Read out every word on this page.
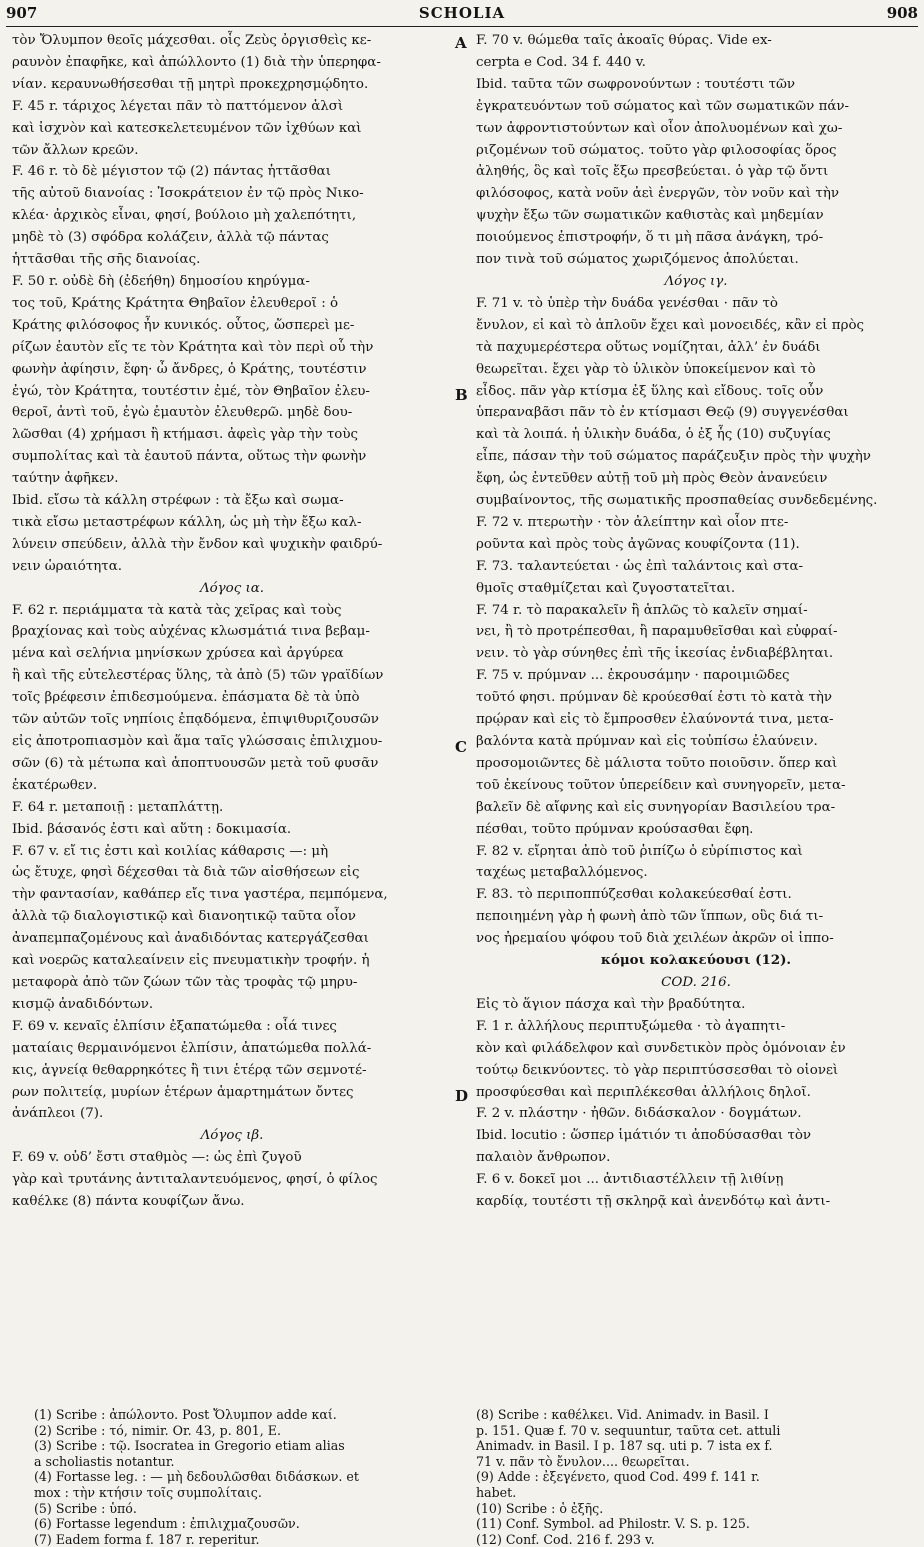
907	SCHOLIA	908
A
B
C
D
τὸν Ὄλυμπον θεοῖς μάχεσθαι. οἷς Ζεὺς ὀργισθεὶς κε-
ραυνὸν ἐπαφῆκε, καὶ ἀπώλλοντο (1) διὰ τὴν ὑπερηφα-
νίαν. κεραυνωθήσεσθαι τῇ μητρὶ προκεχρησμῴδητο.
F. 45 r. τάριχος λέγεται πᾶν τὸ παττόμενον ἁλσὶ
καὶ ἰσχνὸν καὶ κατεσκελετευμένον τῶν ἰχθύων καὶ
τῶν ἄλλων κρεῶν.
F. 46 r. τὸ δὲ μέγιστον τῷ (2) πάντας ἡττᾶσθαι
τῆς αὐτοῦ διανοίας : Ἰσοκράτειον ἐν τῷ πρὸς Νικο-
κλέα· ἀρχικὸς εἶναι, φησί, βούλοιο μὴ χαλεπότητι,
μηδὲ τὸ (3) σφόδρα κολάζειν, ἀλλὰ τῷ πάντας
ἡττᾶσθαι τῆς σῆς διανοίας.
F. 50 r. οὐδὲ δὴ (ἐδεήθη) δημοσίου κηρύγμα-
τος τοῦ, Κράτης Κράτητα Θηβαῖον ἐλευθεροῖ : ὁ
Κράτης φιλόσοφος ἦν κυνικός. οὗτος, ὥσπερεὶ με-
ρίζων ἑαυτὸν εἴς τε τὸν Κράτητα καὶ τὸν περὶ οὗ τὴν
φωνὴν ἀφίησιν, ἔφη· ὦ ἄνδρες, ὁ Κράτης, τουτέστιν
ἐγώ, τὸν Κράτητα, τουτέστιν ἐμέ, τὸν Θηβαῖον ἐλευ-
θεροῖ, ἀντὶ τοῦ, ἐγὼ ἐμαυτὸν ἐλευθερῶ. μηδὲ δου-
λῶσθαι (4) χρήμασι ἢ κτήμασι. ἀφεὶς γὰρ τὴν τοὺς
συμπολίτας καὶ τὰ ἑαυτοῦ πάντα, οὕτως τὴν φωνὴν
ταύτην ἀφῆκεν.
Ibid. εἴσω τὰ κάλλη στρέφων : τὰ ἔξω καὶ σωμα-
τικὰ εἴσω μεταστρέφων κάλλη, ὡς μὴ τὴν ἔξω καλ-
λύνειν σπεύδειν, ἀλλὰ τὴν ἔνδον καὶ ψυχικὴν φαιδρύ-
νειν ὡραιότητα.
Λόγος ια.
F. 62 r. περιάμματα τὰ κατὰ τὰς χεῖρας καὶ τοὺς
βραχίονας καὶ τοὺς αὐχένας κλωσμάτιά τινα βεβαμ-
μένα καὶ σελήνια μηνίσκων χρύσεα καὶ ἀργύρεα
ἢ καὶ τῆς εὐτελεστέρας ὕλης, τὰ ἀπὸ (5) τῶν γραϊδίων
τοῖς βρέφεσιν ἐπιδεσμούμενα. ἐπάσματα δὲ τὰ ὑπὸ
τῶν αὐτῶν τοῖς νηπίοις ἐπᾳδόμενα, ἐπιψιθυριζουσῶν
εἰς ἀποτροπιασμὸν καὶ ἅμα ταῖς γλώσσαις ἐπιλιχμου-
σῶν (6) τὰ μέτωπα καὶ ἀποπτυουσῶν μετὰ τοῦ φυσᾶν
ἑκατέρωθεν.
F. 64 r. μεταποιῇ : μεταπλάττῃ.
Ibid. βάσανός ἐστι καὶ αὕτη : δοκιμασία.
F. 67 v. εἴ τις ἐστι καὶ κοιλίας κάθαρσις —: μὴ
ὡς ἔτυχε, φησὶ δέχεσθαι τὰ διὰ τῶν αἰσθήσεων εἰς
τὴν φαντασίαν, καθάπερ εἴς τινα γαστέρα, πεμπόμενα,
ἀλλὰ τῷ διαλογιστικῷ καὶ διανοητικῷ ταῦτα οἷον
ἀναπεμπαζομένους καὶ ἀναδιδόντας κατεργάζεσθαι
καὶ νοερῶς καταλεαίνειν εἰς πνευματικὴν τροφήν. ἡ
μεταφορὰ ἀπὸ τῶν ζώων τῶν τὰς τροφὰς τῷ μηρυ-
κισμῷ ἀναδιδόντων.
F. 69 v. κεναῖς ἐλπίσιν ἐξαπατώμεθα : οἷά τινες
ματαίαις θερμαινόμενοι ἐλπίσιν, ἀπατώμεθα πολλά-
κις, ἁγνείᾳ θεθαρρηκότες ἢ τινι ἑτέρᾳ τῶν σεμνοτέ-
ρων πολιτείᾳ, μυρίων ἑτέρων ἁμαρτημάτων ὄντες
ἀνάπλεοι (7).
Λόγος ιβ.
F. 69 v. οὐδ’ ἔστι σταθμὸς —: ὡς ἐπὶ ζυγοῦ
γὰρ καὶ τρυτάνης ἀντιταλαντευόμενος, φησί, ὁ φίλος
καθέλκε (8) πάντα κουφίζων ἄνω.
F. 70 v. θώμεθα ταῖς ἀκοαῖς θύρας. Vide ex-
cerpta e Cod. 34 f. 440 v.
Ibid. ταῦτα τῶν σωφρονούντων : τουτέστι τῶν
ἐγκρατευόντων τοῦ σώματος καὶ τῶν σωματικῶν πάν-
των ἀφροντιστούντων καὶ οἷον ἀπολυομένων καὶ χω-
ριζομένων τοῦ σώματος. τοῦτο γὰρ φιλοσοφίας ὅρος
ἀληθής, ὃς καὶ τοῖς ἔξω πρεσβεύεται. ὁ γὰρ τῷ ὄντι
φιλόσοφος, κατὰ νοῦν ἀεὶ ἐνεργῶν, τὸν νοῦν καὶ τὴν
ψυχὴν ἔξω τῶν σωματικῶν καθιστὰς καὶ μηδεμίαν
ποιούμενος ἐπιστροφήν, ὅ τι μὴ πᾶσα ἀνάγκη, τρό-
πον τινὰ τοῦ σώματος χωριζόμενος ἀπολύεται.
Λόγος ιγ.
F. 71 v. τὸ ὑπὲρ τὴν δυάδα γενέσθαι · πᾶν τὸ
ἔνυλον, εἰ καὶ τὸ ἁπλοῦν ἔχει καὶ μονοειδές, κἂν εἰ πρὸς
τὰ παχυμερέστερα οὕτως νομίζηται, ἀλλ’ ἐν δυάδι
θεωρεῖται. ἔχει γὰρ τὸ ὑλικὸν ὑποκείμενον καὶ τὸ
εἶδος. πᾶν γὰρ κτίσμα ἐξ ὕλης καὶ εἴδους. τοῖς οὖν
ὑπεραναβᾶσι πᾶν τὸ ἐν κτίσμασι Θεῷ (9) συγγενέσθαι
καὶ τὰ λοιπά. ἡ ὑλικὴν δυάδα, ὁ ἐξ ἧς (10) συζυγίας
εἶπε, πάσαν τὴν τοῦ σώματος παράζευξιν πρὸς τὴν ψυχὴν
ἔφη, ὡς ἐντεῦθεν αὐτῇ τοῦ μὴ πρὸς Θεὸν ἀνανεύειν
συμβαίνοντος, τῆς σωματικῆς προσπαθείας συνδεδεμένης.
F. 72 v. πτερωτὴν · τὸν ἀλείπτην καὶ οἷον πτε-
ροῦντα καὶ πρὸς τοὺς ἀγῶνας κουφίζοντα (11).
F. 73. ταλαντεύεται · ὡς ἐπὶ ταλάντοις καὶ στα-
θμοῖς σταθμίζεται καὶ ζυγοστατεῖται.
F. 74 r. τὸ παρακαλεῖν ἢ ἁπλῶς τὸ καλεῖν σημαί-
νει, ἢ τὸ προτρέπεσθαι, ἢ παραμυθεῖσθαι καὶ εὐφραί-
νειν. τὸ γὰρ σύνηθες ἐπὶ τῆς ἱκεσίας ἐνδιαβέβληται.
F. 75 v. πρύμναν ... ἐκρουσάμην · παροιμιῶδες
τοῦτό φησι. πρύμναν δὲ κρούεσθαί ἐστι τὸ κατὰ τὴν
πρῴραν καὶ εἰς τὸ ἔμπροσθεν ἐλαύνοντά τινα, μετα-
βαλόντα κατὰ πρύμναν καὶ εἰς τοὐπίσω ἐλαύνειν.
προσομοιῶντες δὲ μάλιστα τοῦτο ποιοῦσιν. ὅπερ καὶ
τοῦ ἐκείνους τοῦτον ὑπερείδειν καὶ συνηγορεῖν, μετα-
βαλεῖν δὲ αἴφνης καὶ εἰς συνηγορίαν Βασιλείου τρα-
πέσθαι, τοῦτο πρύμναν κρούσασθαι ἔφη.
F. 82 v. εἴρηται ἀπὸ τοῦ ῥιπίζω ὁ εὐρίπιστος καὶ
ταχέως μεταβαλλόμενος.
F. 83. τὸ περιποππύζεσθαι κολακεύεσθαί ἐστι.
πεποιημένη γὰρ ἡ φωνὴ ἀπὸ τῶν ἵππων, οὓς διά τι-
νος ἠρεμαίου ψόφου τοῦ διὰ χειλέων ἀκρῶν οἱ ἱππο-
κόμοι κολακεύουσι (12).
COD. 216.
Εἰς τὸ ἅγιον πάσχα καὶ τὴν βραδύτητα.
F. 1 r. ἀλλήλους περιπτυξώμεθα · τὸ ἀγαπητι-
κὸν καὶ φιλάδελφον καὶ συνδετικὸν πρὸς ὁμόνοιαν ἐν
τούτῳ δεικνύοντες. τὸ γὰρ περιπτύσσεσθαι τὸ οἱονεὶ
προσφύεσθαι καὶ περιπλέκεσθαι ἀλλήλοις δηλοῖ.
F. 2 v. πλάστην · ἠθῶν. διδάσκαλον · δογμάτων.
Ibid. locutio : ὥσπερ ἱμάτιόν τι ἀποδύσασθαι τὸν
παλαιὸν ἄνθρωπον.
F. 6 v. δοκεῖ μοι ... ἀντιδιαστέλλειν τῇ λιθίνῃ
καρδίᾳ, τουτέστι τῇ σκληρᾷ καὶ ἀνενδότῳ καὶ ἀντι-
(1) Scribe : ἀπώλοντο. Post Ὄλυμπον adde καί.
(2) Scribe : τό, nimir. Or. 43, p. 801, E.
(3) Scribe : τῷ. Isocratea in Gregorio etiam alias
a scholiastis notantur.
(4) Fortasse leg. : — μὴ δεδουλῶσθαι διδάσκων. et
mox : τὴν κτήσιν τοῖς συμπολίταις.
(5) Scribe : ὑπό.
(6) Fortasse legendum : ἐπιλιχμαζουσῶν.
(7) Eadem forma f. 187 r. reperitur.
(8) Scribe : καθέλκει. Vid. Animadv. in Basil. I
p. 151. Quæ f. 70 v. sequuntur, ταῦτα cet. attuli
Animadv. in Basil. I p. 187 sq. uti p. 7 ista ex f.
71 v. πᾶν τὸ ἔνυλον.... θεωρεῖται.
(9) Adde : ἐξεγένετο, quod Cod. 499 f. 141 r.
habet.
(10) Scribe : ὁ ἐξῆς.
(11) Conf. Symbol. ad Philostr. V. S. p. 125.
(12) Conf. Cod. 216 f. 293 v.
